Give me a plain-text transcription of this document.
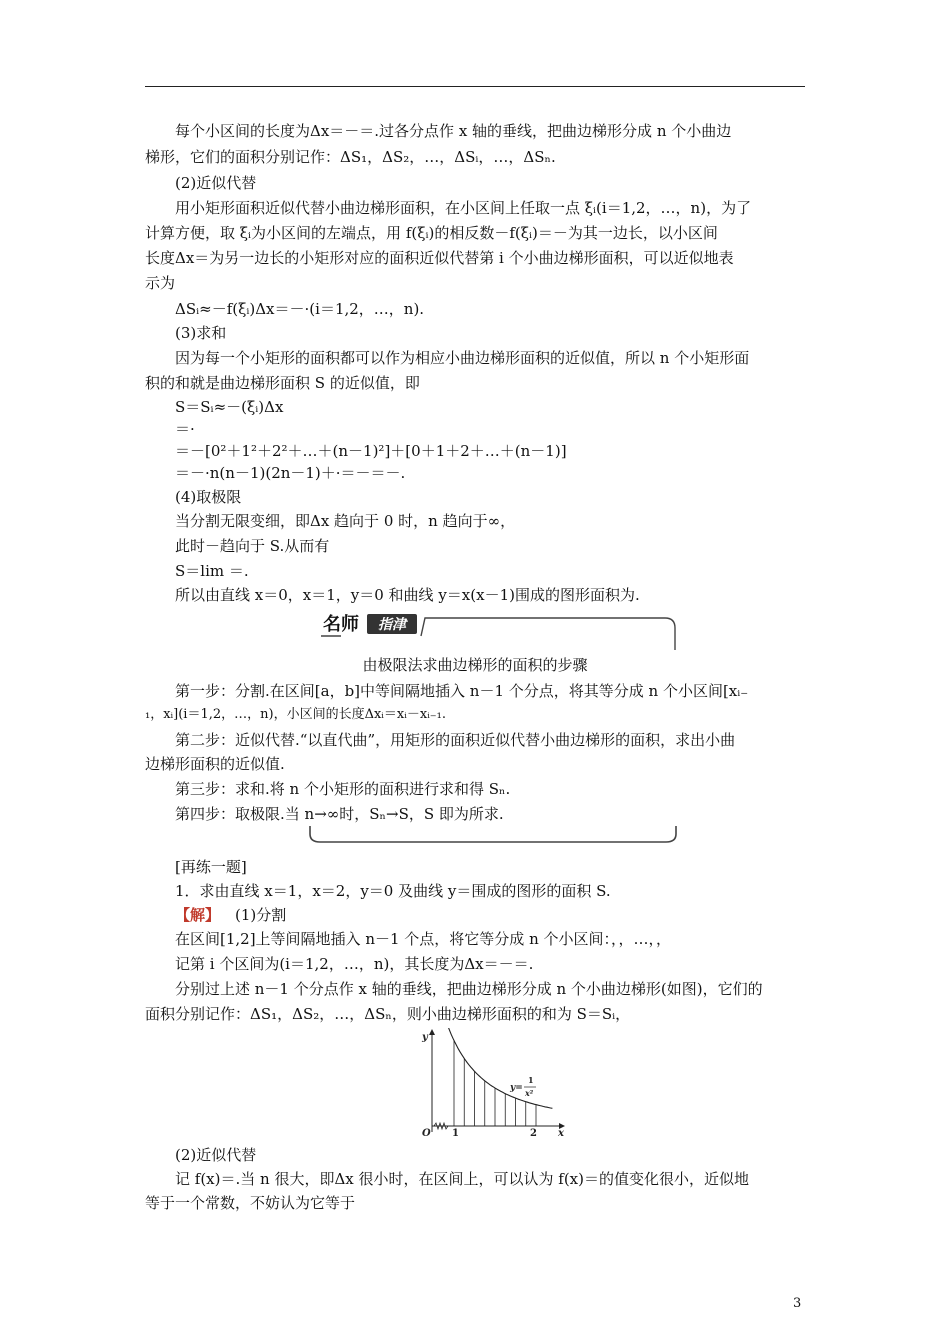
每个小区间的长度为Δx＝－＝.过各分点作 x 轴的垂线，把曲边梯形分成 n 个小曲边
梯形，它们的面积分别记作：ΔS₁，ΔS₂，…，ΔSᵢ，…，ΔSₙ.
(2)近似代替
用小矩形面积近似代替小曲边梯形面积，在小区间上任取一点 ξᵢ(i＝1,2，…，n)，为了
计算方便，取 ξᵢ为小区间的左端点，用 f(ξᵢ)的相反数－f(ξᵢ)＝－为其一边长，以小区间
长度Δx＝为另一边长的小矩形对应的面积近似代替第 i 个小曲边梯形面积，可以近似地表
示为
ΔSᵢ≈－f(ξᵢ)Δx＝－·(i＝1,2，…，n).
(3)求和
因为每一个小矩形的面积都可以作为相应小曲边梯形面积的近似值，所以 n 个小矩形面
积的和就是曲边梯形面积 S 的近似值，即
S＝Sᵢ≈－(ξᵢ)Δx
＝·
＝－[0²＋1²＋2²＋…＋(n－1)²]＋[0＋1＋2＋…＋(n－1)]
＝－·n(n－1)(2n－1)＋·＝－＝－.
(4)取极限
当分割无限变细，即Δx 趋向于 0 时，n 趋向于∞，
此时－趋向于 S.从而有
S＝lim ＝.
所以由直线 x＝0，x＝1，y＝0 和曲线 y＝x(x－1)围成的图形面积为.
名师 指津
由极限法求曲边梯形的面积的步骤
第一步：分割.在区间[a，b]中等间隔地插入 n－1 个分点，将其等分成 n 个小区间[xᵢ₋
₁，xᵢ](i＝1,2，…，n)，小区间的长度Δxᵢ＝xᵢ－xᵢ₋₁.
第二步：近似代替.“以直代曲”，用矩形的面积近似代替小曲边梯形的面积，求出小曲
边梯形面积的近似值.
第三步：求和.将 n 个小矩形的面积进行求和得 Sₙ.
第四步：取极限.当 n→∞时，Sₙ→S，S 即为所求.
[再练一题]
1．求由直线 x＝1，x＝2，y＝0 及曲线 y＝围成的图形的面积 S.
【解】  (1)分割
在区间[1,2]上等间隔地插入 n－1 个点，将它等分成 n 个小区间：，，…，，
记第 i 个区间为(i＝1,2，…，n)，其长度为Δx＝－＝.
分别过上述 n－1 个分点作 x 轴的垂线，把曲边梯形分成 n 个小曲边梯形(如图)，它们的
面积分别记作：ΔS₁，ΔS₂，…，ΔSₙ，则小曲边梯形面积的和为 S＝Sᵢ，
y
x
O 1	2
y=
1
x²
(2)近似代替
记 f(x)＝.当 n 很大，即Δx 很小时，在区间上，可以认为 f(x)＝的值变化很小，近似地
等于一个常数，不妨认为它等于
3
